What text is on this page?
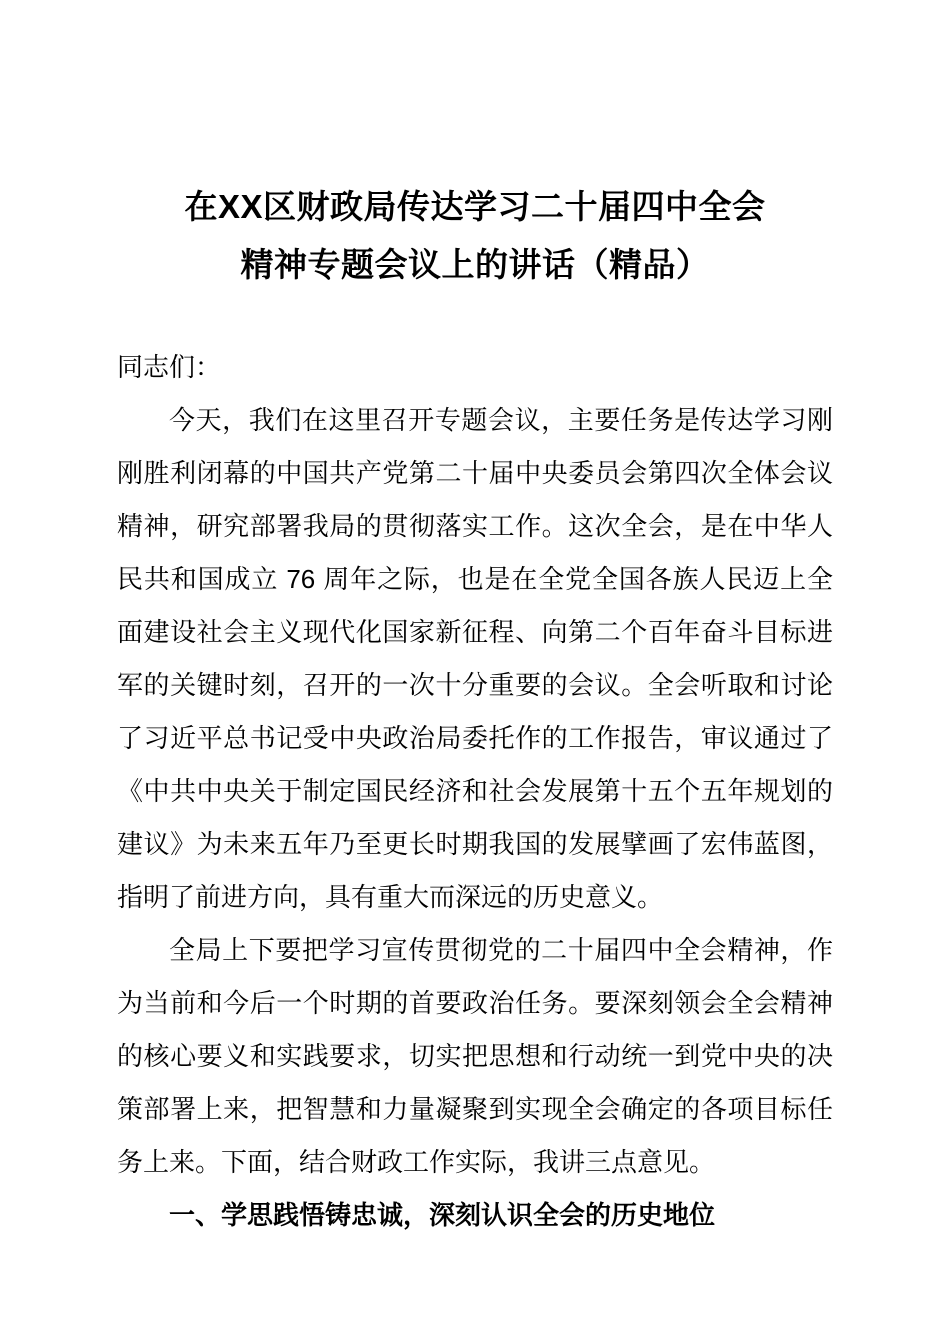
在XX区财政局传达学习二十届四中全会
精神专题会议上的讲话（精品）

同志们：

今天，我们在这里召开专题会议，主要任务是传达学习刚刚胜利闭幕的中国共产党第二十届中央委员会第四次全体会议精神，研究部署我局的贯彻落实工作。这次全会，是在中华人民共和国成立 76 周年之际，也是在全党全国各族人民迈上全面建设社会主义现代化国家新征程、向第二个百年奋斗目标进军的关键时刻，召开的一次十分重要的会议。全会听取和讨论了习近平总书记受中央政治局委托作的工作报告，审议通过了《中共中央关于制定国民经济和社会发展第十五个五年规划的建议》为未来五年乃至更长时期我国的发展擘画了宏伟蓝图，指明了前进方向，具有重大而深远的历史意义。

全局上下要把学习宣传贯彻党的二十届四中全会精神，作为当前和今后一个时期的首要政治任务。要深刻领会全会精神的核心要义和实践要求，切实把思想和行动统一到党中央的决策部署上来，把智慧和力量凝聚到实现全会确定的各项目标任务上来。下面，结合财政工作实际，我讲三点意见。

一、学思践悟铸忠诚，深刻认识全会的历史地位
